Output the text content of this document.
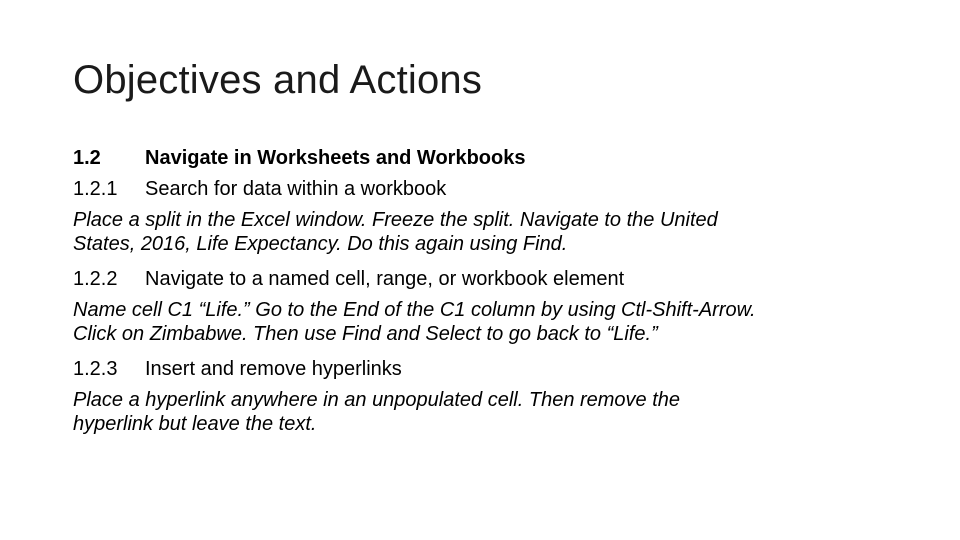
Objectives and Actions
1.2 Navigate in Worksheets and Workbooks
1.2.1 Search for data within a workbook
Place a split in the Excel window. Freeze the split. Navigate to the United
States, 2016, Life Expectancy. Do this again using Find.
1.2.2 Navigate to a named cell, range, or workbook element
Name cell C1 “Life.” Go to the End of the C1 column by using Ctl-Shift-Arrow.
Click on Zimbabwe. Then use Find and Select to go back to “Life.”
1.2.3 Insert and remove hyperlinks
Place a hyperlink anywhere in an unpopulated cell. Then remove the
hyperlink but leave the text.
